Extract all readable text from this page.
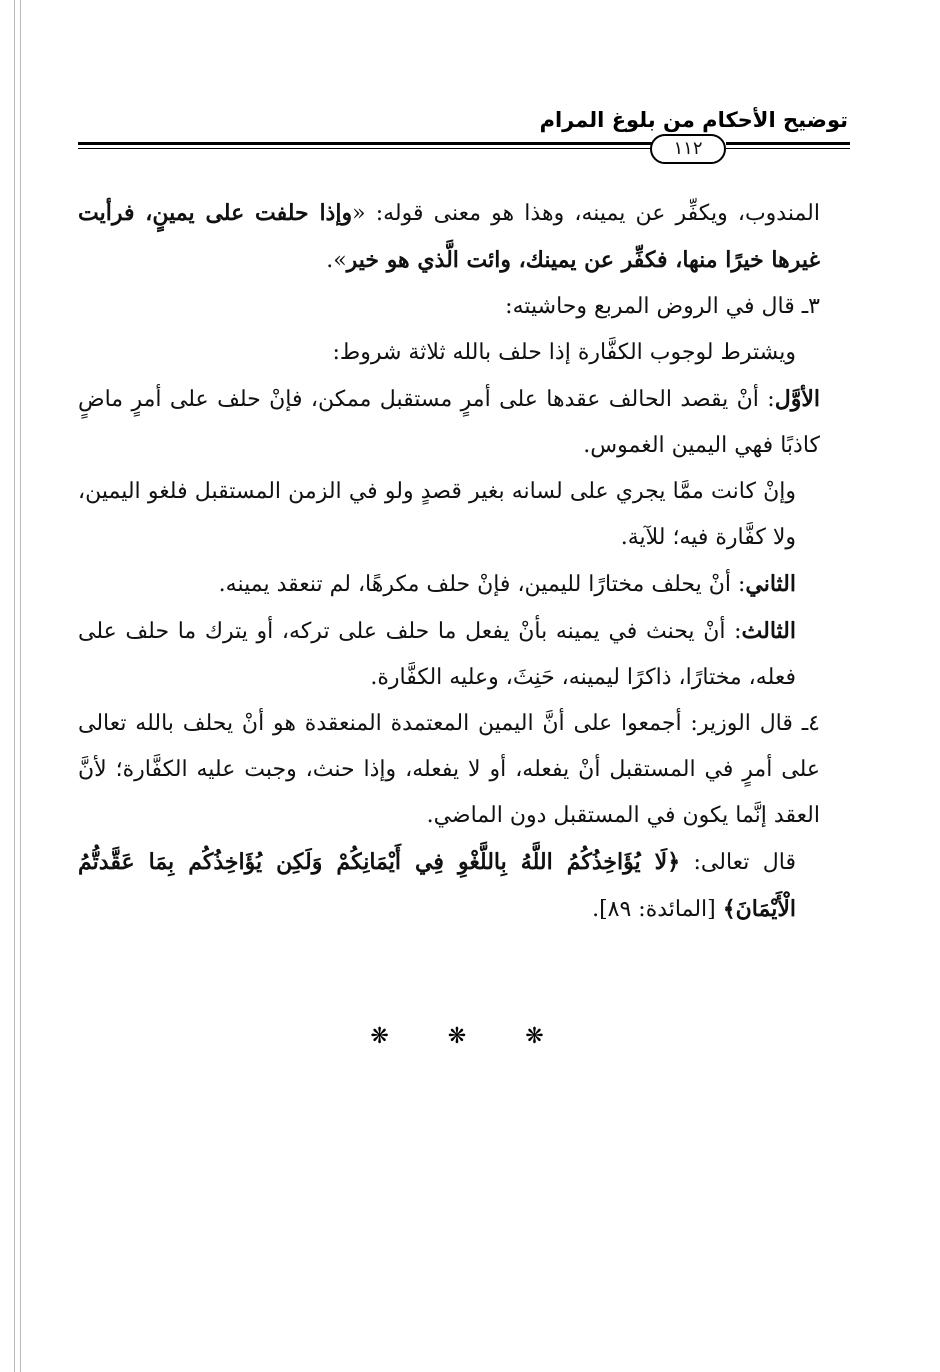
توضيح الأحكام من بلوغ المرام
١١٢

المندوب، ويكفِّر عن يمينه، وهذا هو معنى قوله: «وإذا حلفت على يمينٍ، فرأيت غيرها خيرًا منها، فكفِّر عن يمينك، وائت الَّذي هو خير».

٣ـ قال في الروض المربع وحاشيته:

ويشترط لوجوب الكفَّارة إذا حلف بالله ثلاثة شروط:

الأوَّل: أنْ يقصد الحالف عقدها على أمرٍ مستقبل ممكن، فإنْ حلف على أمرٍ ماضٍ كاذبًا فهي اليمين الغموس.

وإنْ كانت ممَّا يجري على لسانه بغير قصدٍ ولو في الزمن المستقبل فلغو اليمين، ولا كفَّارة فيه؛ للآية.

الثاني: أنْ يحلف مختارًا لليمين، فإنْ حلف مكرهًا، لم تنعقد يمينه.

الثالث: أنْ يحنث في يمينه بأنْ يفعل ما حلف على تركه، أو يترك ما حلف على فعله، مختارًا، ذاكرًا ليمينه، حَنِثَ، وعليه الكفَّارة.

٤ـ قال الوزير: أجمعوا على أنَّ اليمين المعتمدة المنعقدة هو أنْ يحلف بالله تعالى على أمرٍ في المستقبل أنْ يفعله، أو لا يفعله، وإذا حنث، وجبت عليه الكفَّارة؛ لأنَّ العقد إنَّما يكون في المستقبل دون الماضي.

قال تعالى: ﴿لَا يُؤَاخِذُكُمُ اللَّهُ بِاللَّغْوِ فِي أَيْمَانِكُمْ وَلَكِن يُؤَاخِذُكُم بِمَا عَقَّدتُّمُ الْأَيْمَانَ﴾ [المائدة: ٨٩].

❋ ❋ ❋
